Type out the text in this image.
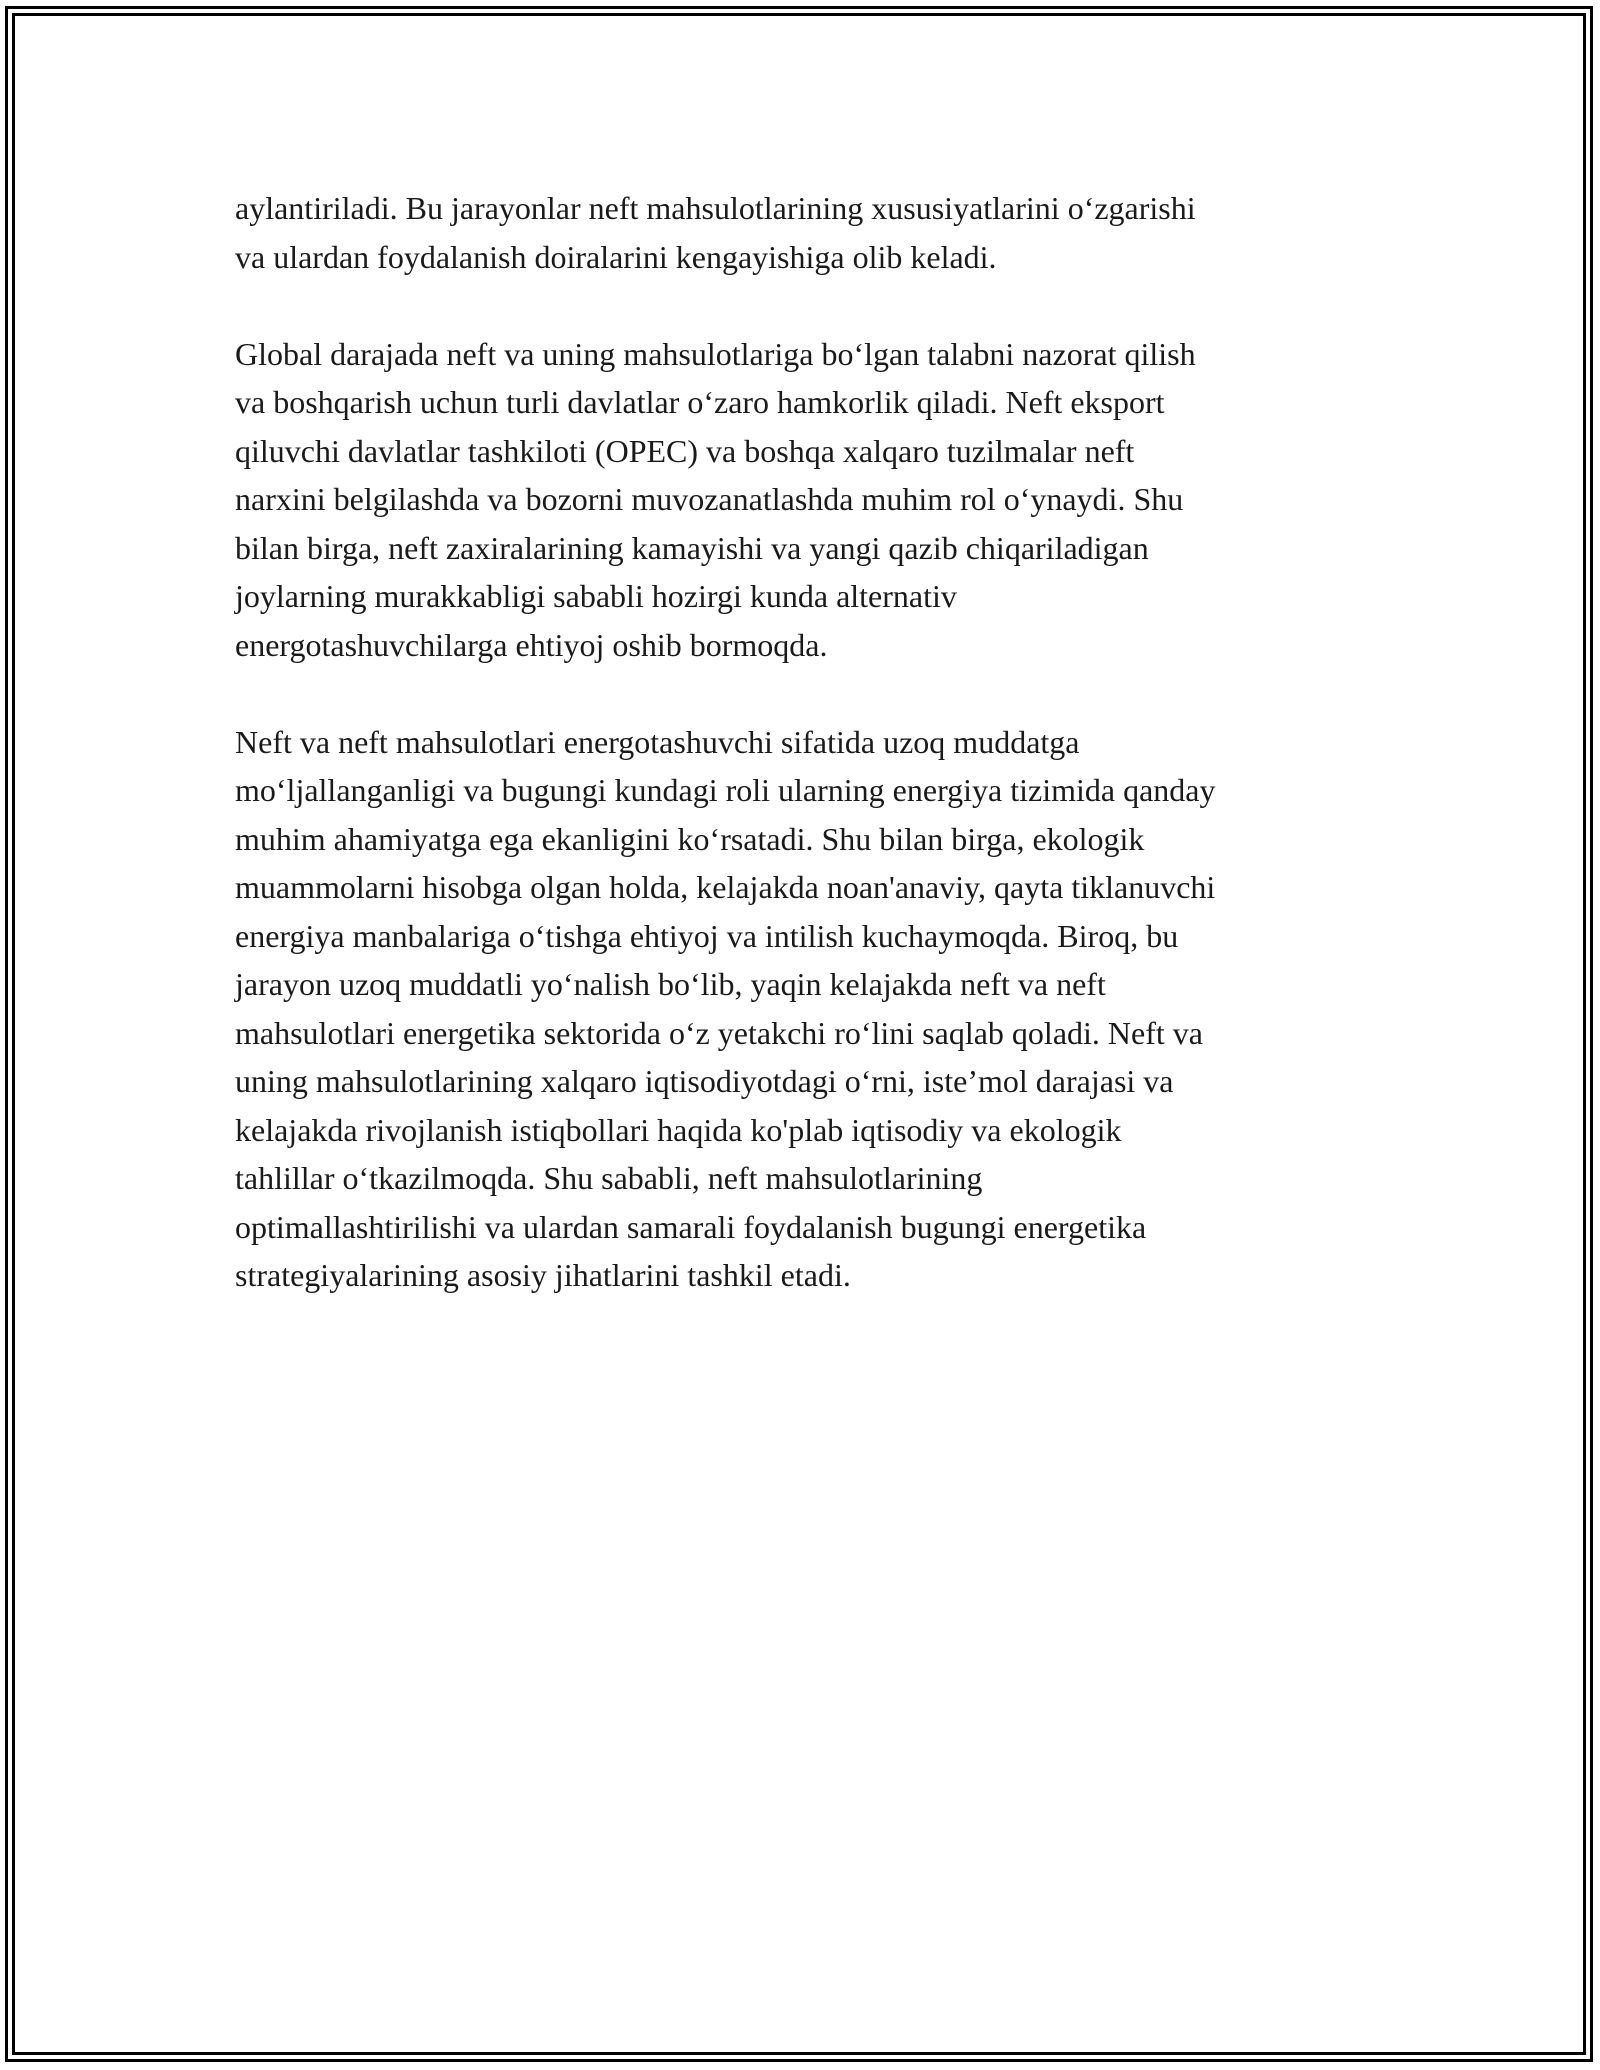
aylantiriladi. Bu jarayonlar neft mahsulotlarining xususiyatlarini o‘zgarishi
va ulardan foydalanish doiralarini kengayishiga olib keladi.

Global darajada neft va uning mahsulotlariga bo‘lgan talabni nazorat qilish
va boshqarish uchun turli davlatlar o‘zaro hamkorlik qiladi. Neft eksport
qiluvchi davlatlar tashkiloti (OPEC) va boshqa xalqaro tuzilmalar neft
narxini belgilashda va bozorni muvozanatlashda muhim rol o‘ynaydi. Shu
bilan birga, neft zaxiralarining kamayishi va yangi qazib chiqariladigan
joylarning murakkabligi sababli hozirgi kunda alternativ
energotashuvchilarga ehtiyoj oshib bormoqda.

Neft va neft mahsulotlari energotashuvchi sifatida uzoq muddatga
mo‘ljallanganligi va bugungi kundagi roli ularning energiya tizimida qanday
muhim ahamiyatga ega ekanligini ko‘rsatadi. Shu bilan birga, ekologik
muammolarni hisobga olgan holda, kelajakda noan'anaviy, qayta tiklanuvchi
energiya manbalariga o‘tishga ehtiyoj va intilish kuchaymoqda. Biroq, bu
jarayon uzoq muddatli yo‘nalish bo‘lib, yaqin kelajakda neft va neft
mahsulotlari energetika sektorida o‘z yetakchi ro‘lini saqlab qoladi. Neft va
uning mahsulotlarining xalqaro iqtisodiyotdagi o‘rni, iste’mol darajasi va
kelajakda rivojlanish istiqbollari haqida ko'plab iqtisodiy va ekologik
tahlillar o‘tkazilmoqda. Shu sababli, neft mahsulotlarining
optimallashtirilishi va ulardan samarali foydalanish bugungi energetika
strategiyalarining asosiy jihatlarini tashkil etadi.
